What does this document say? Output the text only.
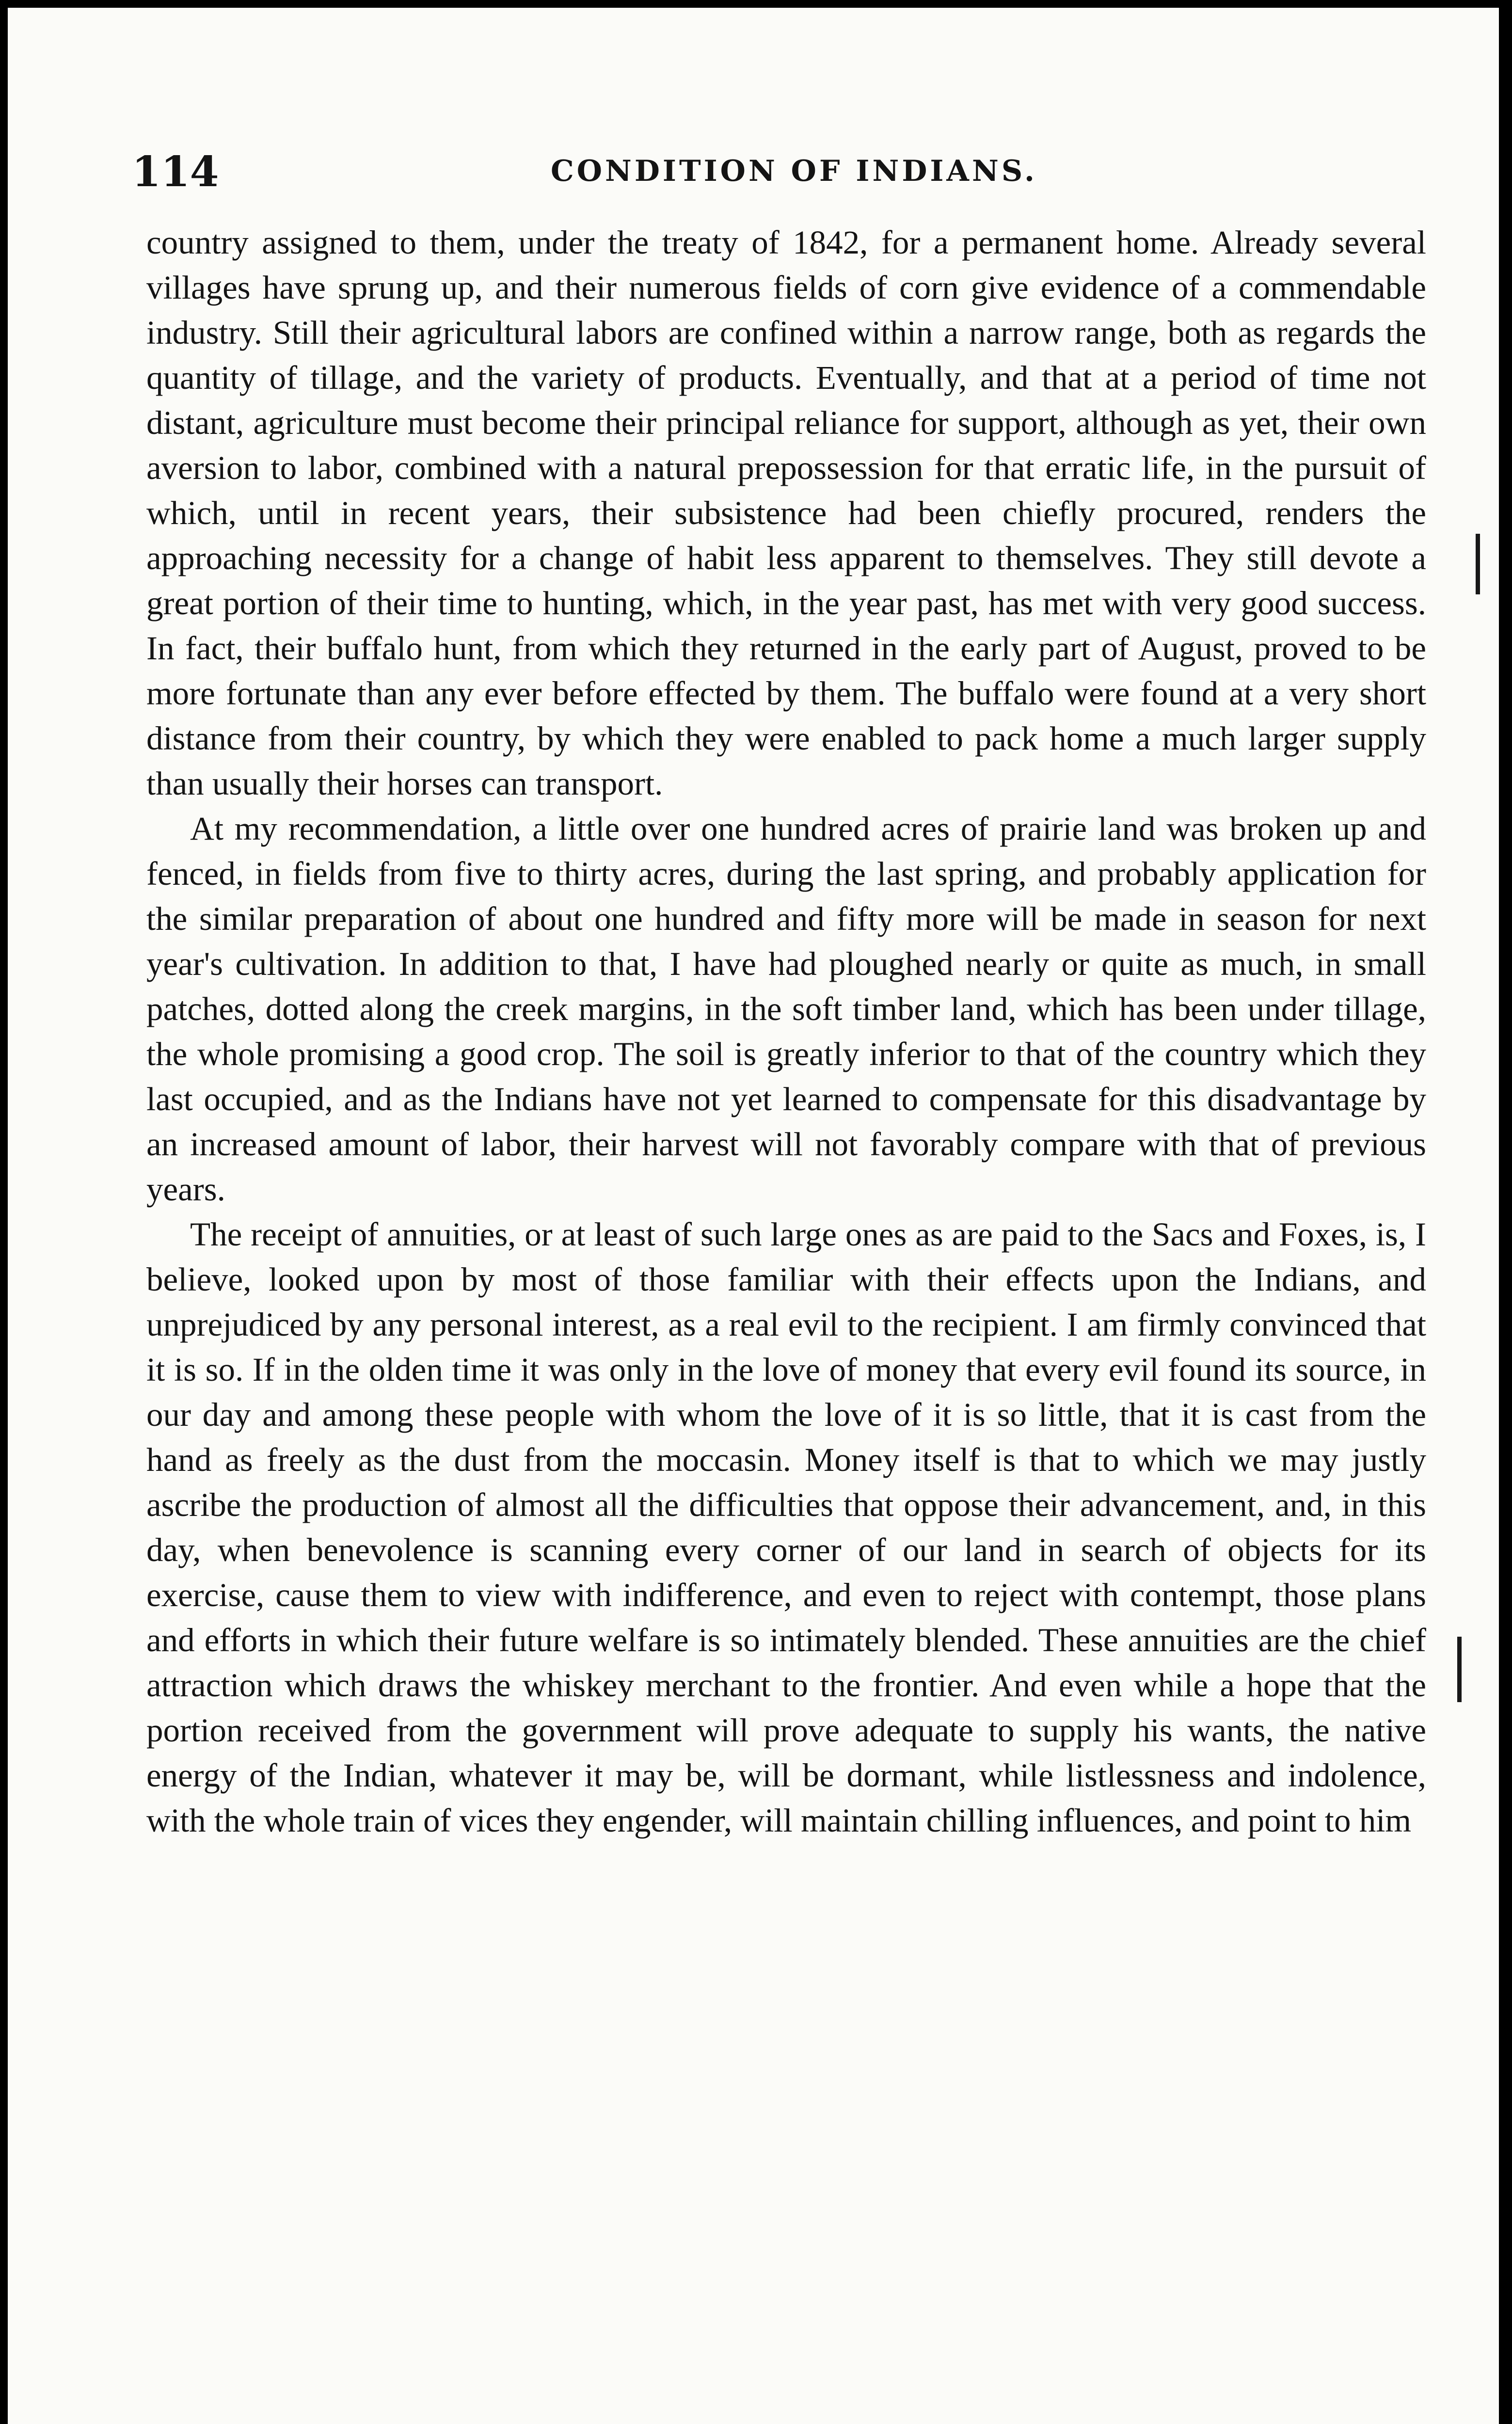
114	CONDITION OF INDIANS.

country assigned to them, under the treaty of 1842, for a permanent home. Already several villages have sprung up, and their numerous fields of corn give evidence of a commendable industry. Still their agricultural labors are confined within a narrow range, both as regards the quantity of tillage, and the variety of products. Eventually, and that at a period of time not distant, agriculture must become their principal reliance for support, although as yet, their own aversion to labor, combined with a natural prepossession for that erratic life, in the pursuit of which, until in recent years, their subsistence had been chiefly procured, renders the approaching necessity for a change of habit less apparent to themselves. They still devote a great portion of their time to hunting, which, in the year past, has met with very good success. In fact, their buffalo hunt, from which they returned in the early part of August, proved to be more fortunate than any ever before effected by them. The buffalo were found at a very short distance from their country, by which they were enabled to pack home a much larger supply than usually their horses can transport.

At my recommendation, a little over one hundred acres of prairie land was broken up and fenced, in fields from five to thirty acres, during the last spring, and probably application for the similar preparation of about one hundred and fifty more will be made in season for next year's cultivation. In addition to that, I have had ploughed nearly or quite as much, in small patches, dotted along the creek margins, in the soft timber land, which has been under tillage, the whole promising a good crop. The soil is greatly inferior to that of the country which they last occupied, and as the Indians have not yet learned to compensate for this disadvantage by an increased amount of labor, their harvest will not favorably compare with that of previous years.

The receipt of annuities, or at least of such large ones as are paid to the Sacs and Foxes, is, I believe, looked upon by most of those familiar with their effects upon the Indians, and unprejudiced by any personal interest, as a real evil to the recipient. I am firmly convinced that it is so. If in the olden time it was only in the love of money that every evil found its source, in our day and among these people with whom the love of it is so little, that it is cast from the hand as freely as the dust from the moccasin. Money itself is that to which we may justly ascribe the production of almost all the difficulties that oppose their advancement, and, in this day, when benevolence is scanning every corner of our land in search of objects for its exercise, cause them to view with indifference, and even to reject with contempt, those plans and efforts in which their future welfare is so intimately blended. These annuities are the chief attraction which draws the whiskey merchant to the frontier. And even while a hope that the portion received from the government will prove adequate to supply his wants, the native energy of the Indian, whatever it may be, will be dormant, while listlessness and indolence, with the whole train of vices they engender, will maintain chilling influences, and point to him
